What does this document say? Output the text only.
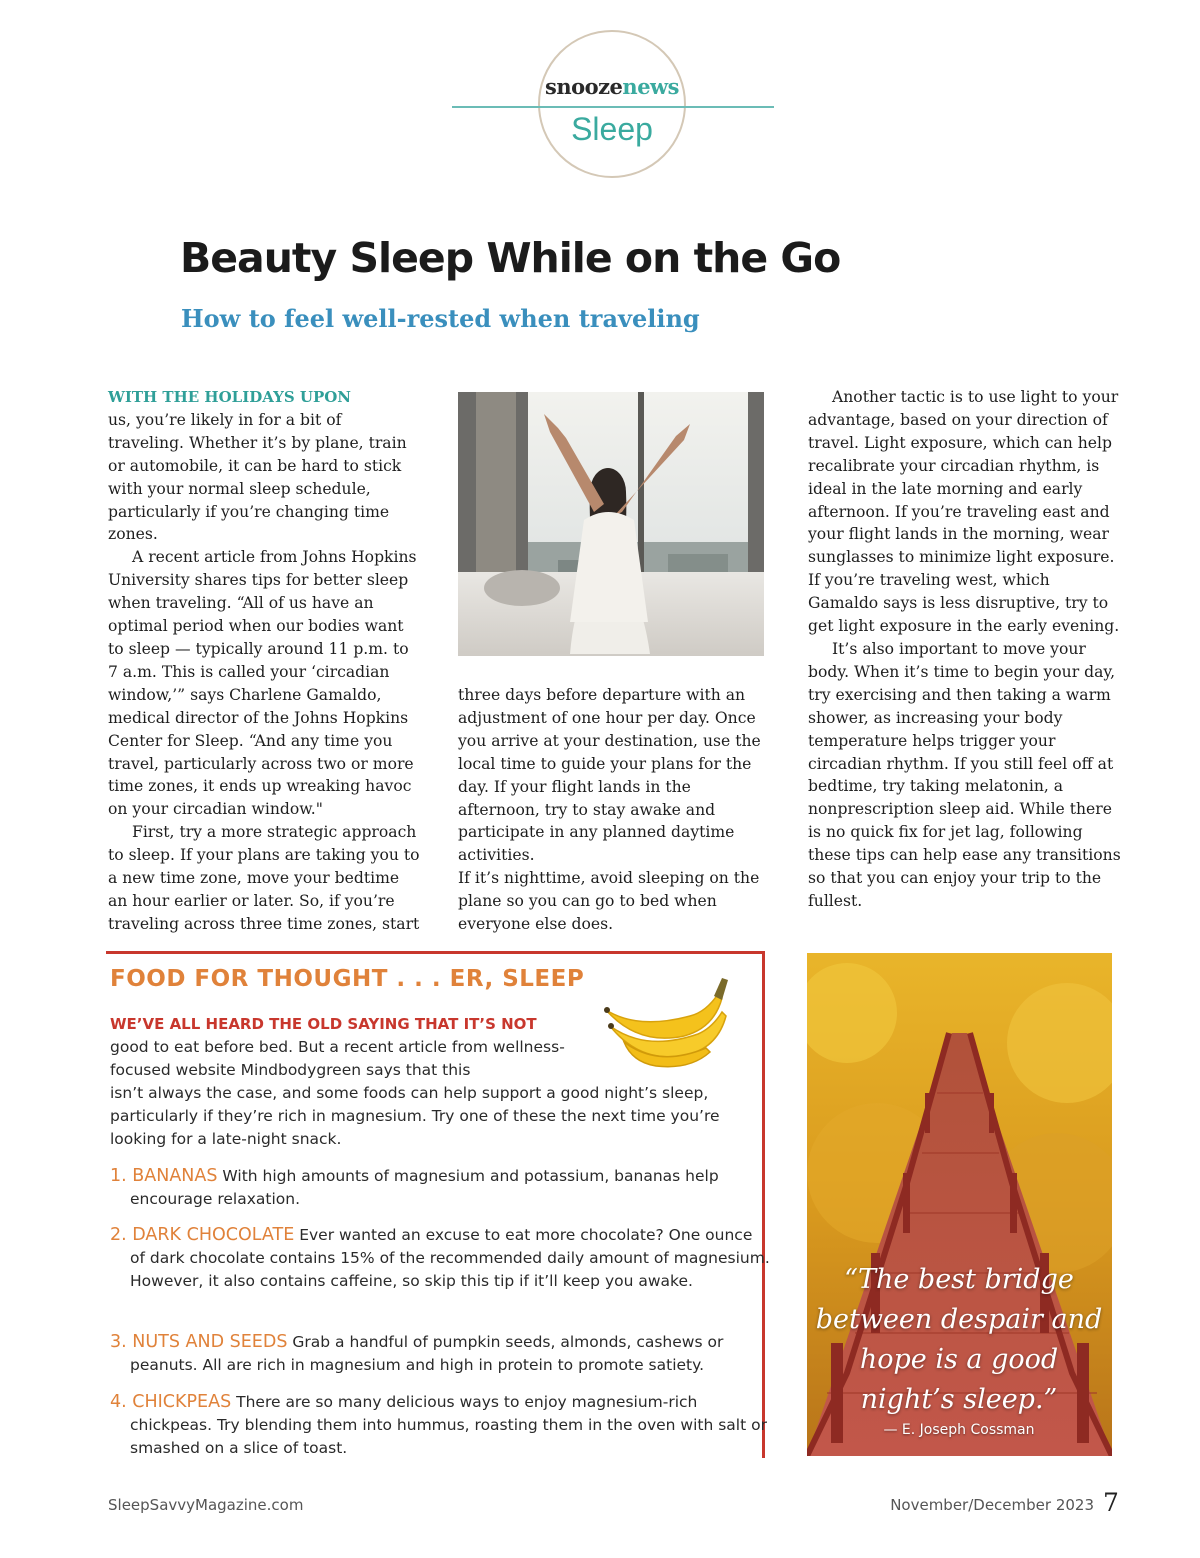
snoozenews
Sleep
Beauty Sleep While on the Go
How to feel well-rested when traveling

WITH THE HOLIDAYS UPON
us, you’re likely in for a bit of traveling. Whether it’s by plane, train or automobile, it can be hard to stick with your normal sleep schedule, particularly if you’re changing time zones.

A recent article from Johns Hopkins University shares tips for better sleep when traveling. “All of us have an optimal period when our bodies want to sleep — typically around 11 p.m. to 7 a.m. This is called your ‘circadian window,’” says Charlene Gamaldo, medical director of the Johns Hopkins Center for Sleep. “And any time you travel, particularly across two or more time zones, it ends up wreaking havoc on your circadian window."

First, try a more strategic approach to sleep. If your plans are taking you to a new time zone, move your bedtime an hour earlier or later. So, if you’re traveling across three time zones, start

three days before departure with an adjustment of one hour per day. Once you arrive at your destination, use the local time to guide your plans for the day. If your flight lands in the afternoon, try to stay awake and participate in any planned daytime activities.

If it’s nighttime, avoid sleeping on the plane so you can go to bed when everyone else does.

Another tactic is to use light to your advantage, based on your direction of travel. Light exposure, which can help recalibrate your circadian rhythm, is ideal in the late morning and early afternoon. If you’re traveling east and your flight lands in the morning, wear sunglasses to minimize light exposure. If you’re traveling west, which Gamaldo says is less disruptive, try to get light exposure in the early evening.

It’s also important to move your body. When it’s time to begin your day, try exercising and then taking a warm shower, as increasing your body temperature helps trigger your circadian rhythm. If you still feel off at bedtime, try taking melatonin, a nonprescription sleep aid. While there is no quick fix for jet lag, following these tips can help ease any transitions so that you can enjoy your trip to the fullest.

FOOD FOR THOUGHT . . . ER, SLEEP

WE’VE ALL HEARD THE OLD SAYING THAT IT’S NOT
good to eat before bed. But a recent article from wellness-focused website Mindbodygreen says that this

isn’t always the case, and some foods can help support a good night’s sleep, particularly if they’re rich in magnesium. Try one of these the next time you’re looking for a late-night snack.

1. BANANAS With high amounts of magnesium and potassium, bananas help encourage relaxation.

2. DARK CHOCOLATE Ever wanted an excuse to eat more chocolate? One ounce of dark chocolate contains 15% of the recommended daily amount of magnesium. However, it also contains caffeine, so skip this tip if it’ll keep you awake.

3. NUTS AND SEEDS Grab a handful of pumpkin seeds, almonds, cashews or peanuts. All are rich in magnesium and high in protein to promote satiety.

4. CHICKPEAS There are so many delicious ways to enjoy magnesium-rich chickpeas. Try blending them into hummus, roasting them in the oven with salt or smashed on a slice of toast.

“The best bridge between despair and hope is a good night’s sleep.”

— E. Joseph Cossman

SleepSavvyMagazine.com	November/December 2023 7
